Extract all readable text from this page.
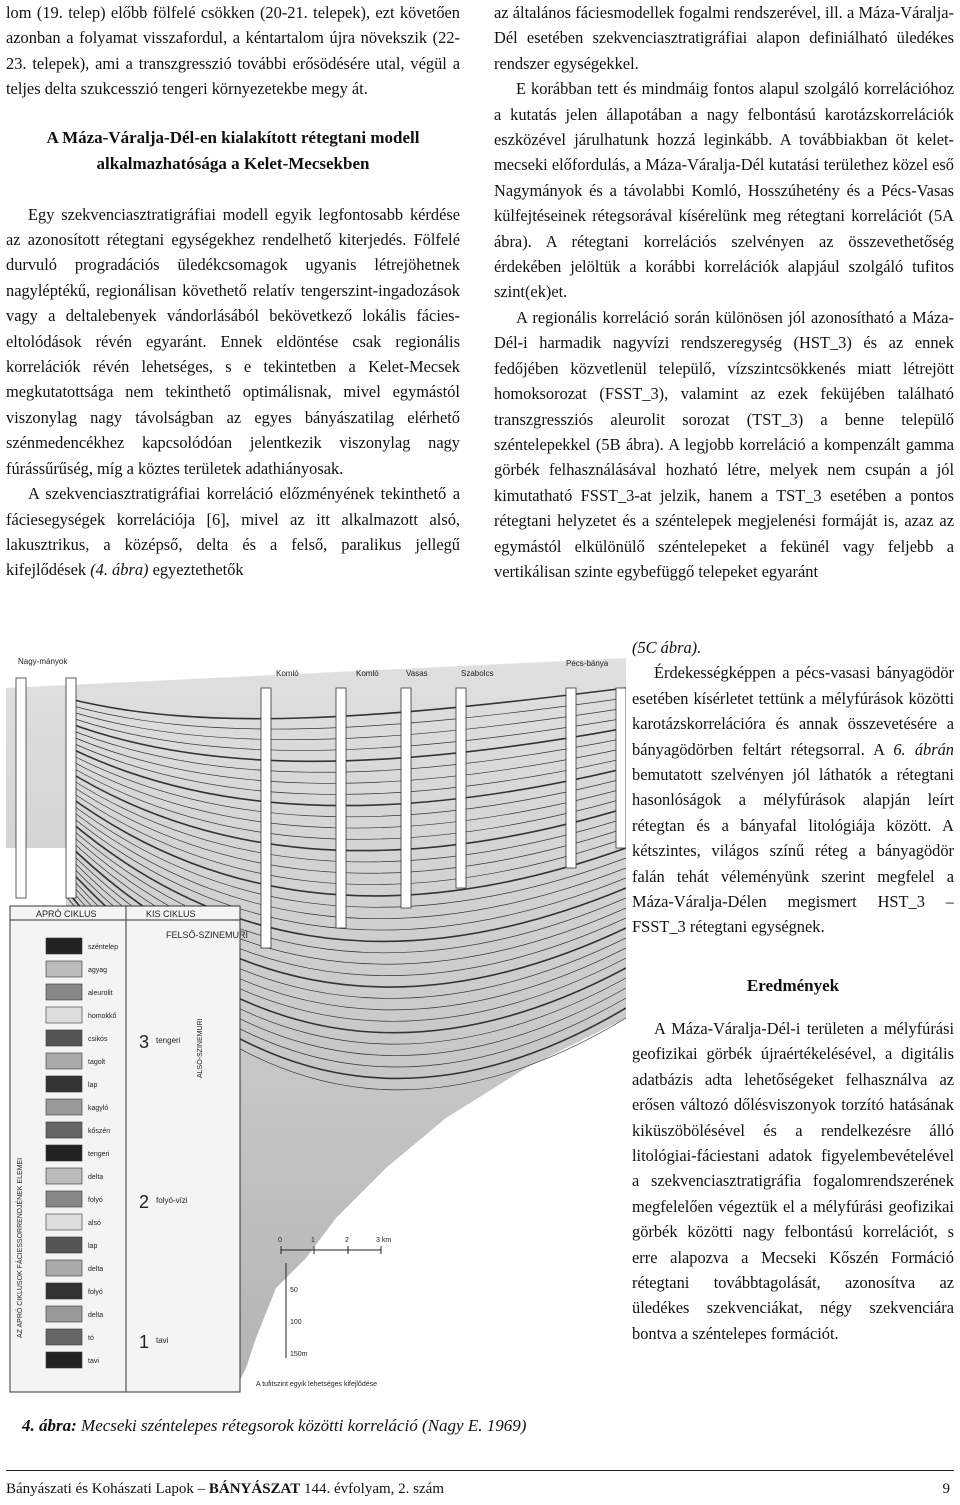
lom (19. telep) előbb fölfelé csökken (20-21. telepek), ezt követően azonban a folyamat visszafordul, a kéntartalom újra növekszik (22-23. telepek), ami a transzgresszió további erősödésére utal, végül a teljes delta szukcesszió tengeri környezetekbe megy át.

A Máza-Váralja-Dél-en kialakított rétegtani modell alkalmazhatósága a Kelet-Mecsekben

Egy szekvenciasztratigráfiai modell egyik legfontosabb kérdése az azonosított rétegtani egységekhez rendelhető kiterjedés. Fölfelé durvuló progradációs üledékcsomagok ugyanis létrejöhetnek nagyléptékű, regionálisan követhető relatív tengerszint-ingadozások vagy a deltalebenyek vándorlásából bekövetkező lokális fácies-eltolódások révén egyaránt. Ennek eldöntése csak regionális korrelációk révén lehetséges, s e tekintetben a Kelet-Mecsek megkutatottsága nem tekinthető optimálisnak, mivel egymástól viszonylag nagy távolságban az egyes bányászatilag elérhető szénmedencékhez kapcsolódóan jelentkezik viszonylag nagy fúrássűrűség, míg a köztes területek adathiányosak.

A szekvenciasztratigráfiai korreláció előzményének tekinthető a fáciesegységek korrelációja [6], mivel az itt alkalmazott alsó, lakusztrikus, a középső, delta és a felső, paralikus jellegű kifejlődések (4. ábra) egyeztethetők

az általános fáciesmodellek fogalmi rendszerével, ill. a Máza-Váralja-Dél esetében szekvenciasztratigráfiai alapon definiálható üledékes rendszer egységekkel.

E korábban tett és mindmáig fontos alapul szolgáló korrelációhoz a kutatás jelen állapotában a nagy felbontású karotázskorrelációk eszközével járulhatunk hozzá leginkább. A továbbiakban öt kelet-mecseki előfordulás, a Máza-Váralja-Dél kutatási területhez közel eső Nagymányok és a távolabbi Komló, Hosszúhetény és a Pécs-Vasas külfejtéseinek rétegsorával kísérelünk meg rétegtani korrelációt (5A ábra). A rétegtani korrelációs szelvényen az összevethetőség érdekében jelöltük a korábbi korrelációk alapjául szolgáló tufitos szint(ek)et.

A regionális korreláció során különösen jól azonosítható a Máza-Dél-i harmadik nagyvízi rendszeregység (HST_3) és az ennek fedőjében közvetlenül települő, vízszintcsökkenés miatt létrejött homoksorozat (FSST_3), valamint az ezek feküjében található transzgressziós aleurolit sorozat (TST_3) a benne települő széntelepekkel (5B ábra). A legjobb korreláció a kompenzált gamma görbék felhasználásával hozható létre, melyek nem csupán a jól kimutatható FSST_3-at jelzik, hanem a TST_3 esetében a pontos rétegtani helyzetet és a széntelepek megjelenési formáját is, azaz az egymástól elkülönülő széntelepeket a fekünél vagy feljebb a vertikálisan szinte egybefüggő telepeket egyaránt

(5C ábra).

Érdekességképpen a pécs-vasasi bányagödör esetében kísérletet tettünk a mélyfúrások közötti karotázskorrelációra és annak összevetésére a bányagödörben feltárt rétegsorral. A 6. ábrán bemutatott szelvényen jól láthatók a rétegtani hasonlóságok a mélyfúrások alapján leírt rétegtan és a bányafal litológiája között. A kétszintes, világos színű réteg a bányagödör falán tehát véleményünk szerint megfelel a Máza-Váralja-Délen megismert HST_3 – FSST_3 rétegtani egységnek.

Eredmények

A Máza-Váralja-Dél-i területen a mélyfúrási geofizikai görbék újraértékelésével, a digitális adatbázis adta lehetőségeket felhasználva az erősen változó dőlésviszonyok torzító hatásának kiküszöbölésével és a rendelkezésre álló litológiai-fáciestani adatok figyelembevételével a szekvenciasztratigráfia fogalomrendszerének megfelelően végeztük el a mélyfúrási geofizikai görbék közötti nagy felbontású korrelációt, s erre alapozva a Mecseki Kőszén Formáció rétegtani továbbtagolását, azonosítva az üledékes szekvenciákat, négy szekvenciára bontva a széntelepes formációt.

Nagy-mányok
Komló	Komló	Vasas	Szabolcs
Pécs-bánya
APRÓ CIKLUS	KIS CIKLUS
FELSŐ-SZINEMURI
széntelep
agyag
aleurolit
homokkő
csikós
tagolt
lap
kagyló
kőszén
tengeri
delta
folyó
alsó
lap
delta
folyó
delta
tó
tavi
3
2
1
tengeri
folyó-vízi
tavi
AZ APRÓ CIKLUSOK FÁCIESSORRENDJÉNEK ELEMEI
ALSÓ-SZINEMURI
0	1	2	3 km
50
100
150m
A tufitszint egyik lehetséges kifejlődése
4. ábra: Mecseki széntelepes rétegsorok közötti korreláció (Nagy E. 1969)
Bányászati és Kohászati Lapok – BÁNYÁSZAT 144. évfolyam, 2. szám	9
